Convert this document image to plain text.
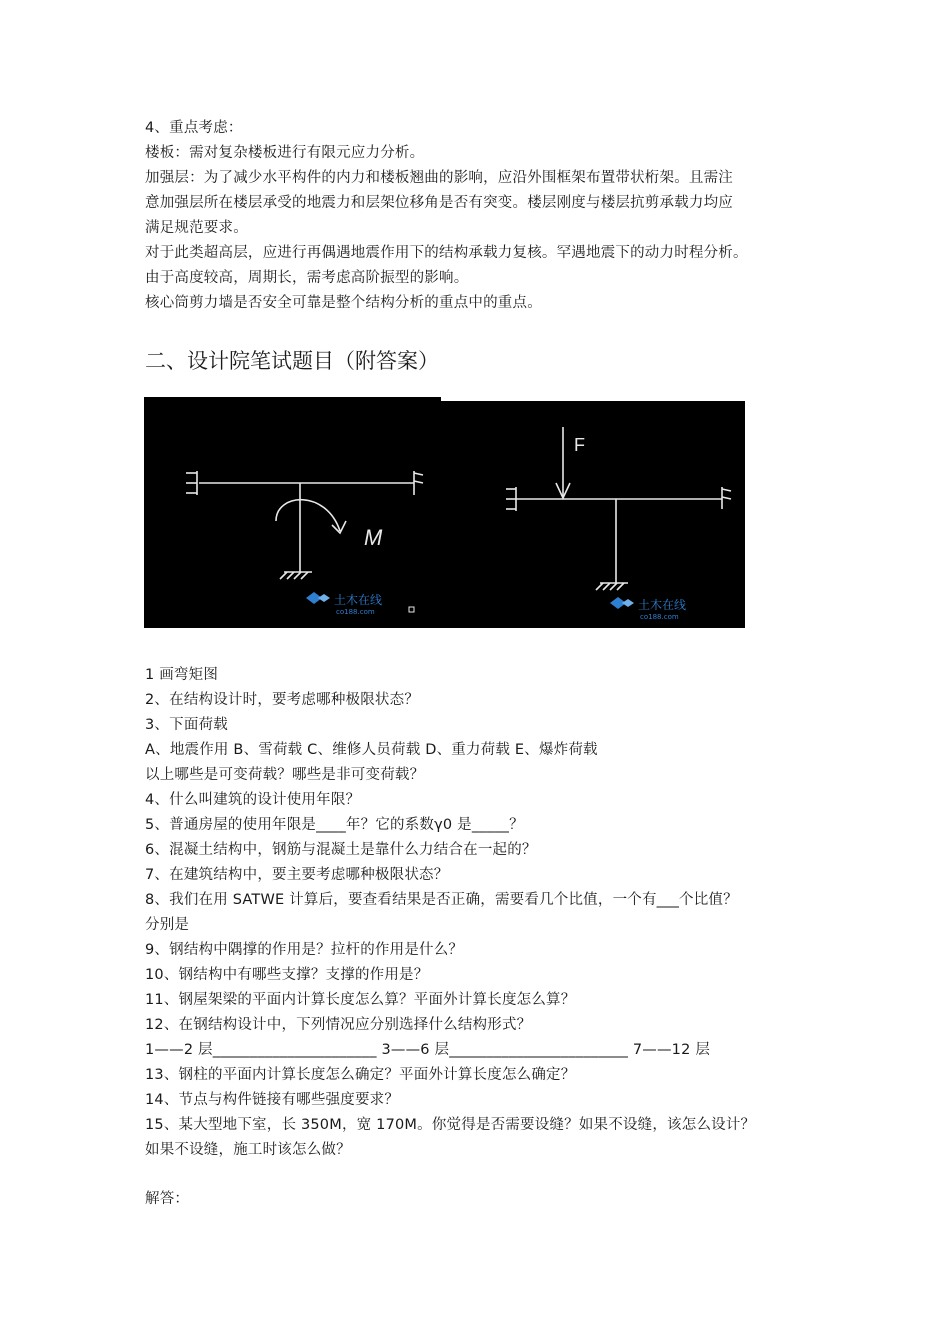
4、重点考虑：
楼板：需对复杂楼板进行有限元应力分析。
加强层：为了减少水平构件的内力和楼板翘曲的影响，应沿外围框架布置带状桁架。且需注
意加强层所在楼层承受的地震力和层架位移角是否有突变。楼层刚度与楼层抗剪承载力均应
满足规范要求。
对于此类超高层，应进行再偶遇地震作用下的结构承载力复核。罕遇地震下的动力时程分析。
由于高度较高，周期长，需考虑高阶振型的影响。
核心筒剪力墙是否安全可靠是整个结构分析的重点中的重点。
二、设计院笔试题目（附答案）
M
F
土木在线
co188.com	土木在线
co188.com
1 画弯矩图
2、在结构设计时，要考虑哪种极限状态？
3、下面荷载
A、地震作用 B、雪荷载 C、维修人员荷载 D、重力荷载 E、爆炸荷载
以上哪些是可变荷载？哪些是非可变荷载？
4、什么叫建筑的设计使用年限？
5、普通房屋的使用年限是____年？它的系数γ0 是_____？
6、混凝土结构中，钢筋与混凝土是靠什么力结合在一起的？
7、在建筑结构中，要主要考虑哪种极限状态？
8、我们在用 SATWE 计算后，要查看结果是否正确，需要看几个比值，一个有___个比值？
分别是
9、钢结构中隅撑的作用是？拉杆的作用是什么？
10、钢结构中有哪些支撑？支撑的作用是？
11、钢屋架梁的平面内计算长度怎么算？平面外计算长度怎么算？
12、在钢结构设计中，下列情况应分别选择什么结构形式？
1——2 层______________________ 3——6 层________________________ 7——12 层
13、钢柱的平面内计算长度怎么确定？平面外计算长度怎么确定？
14、节点与构件链接有哪些强度要求？
15、某大型地下室，长 350M，宽 170M。你觉得是否需要设缝？如果不设缝，该怎么设计？
如果不设缝，施工时该怎么做？
解答：
